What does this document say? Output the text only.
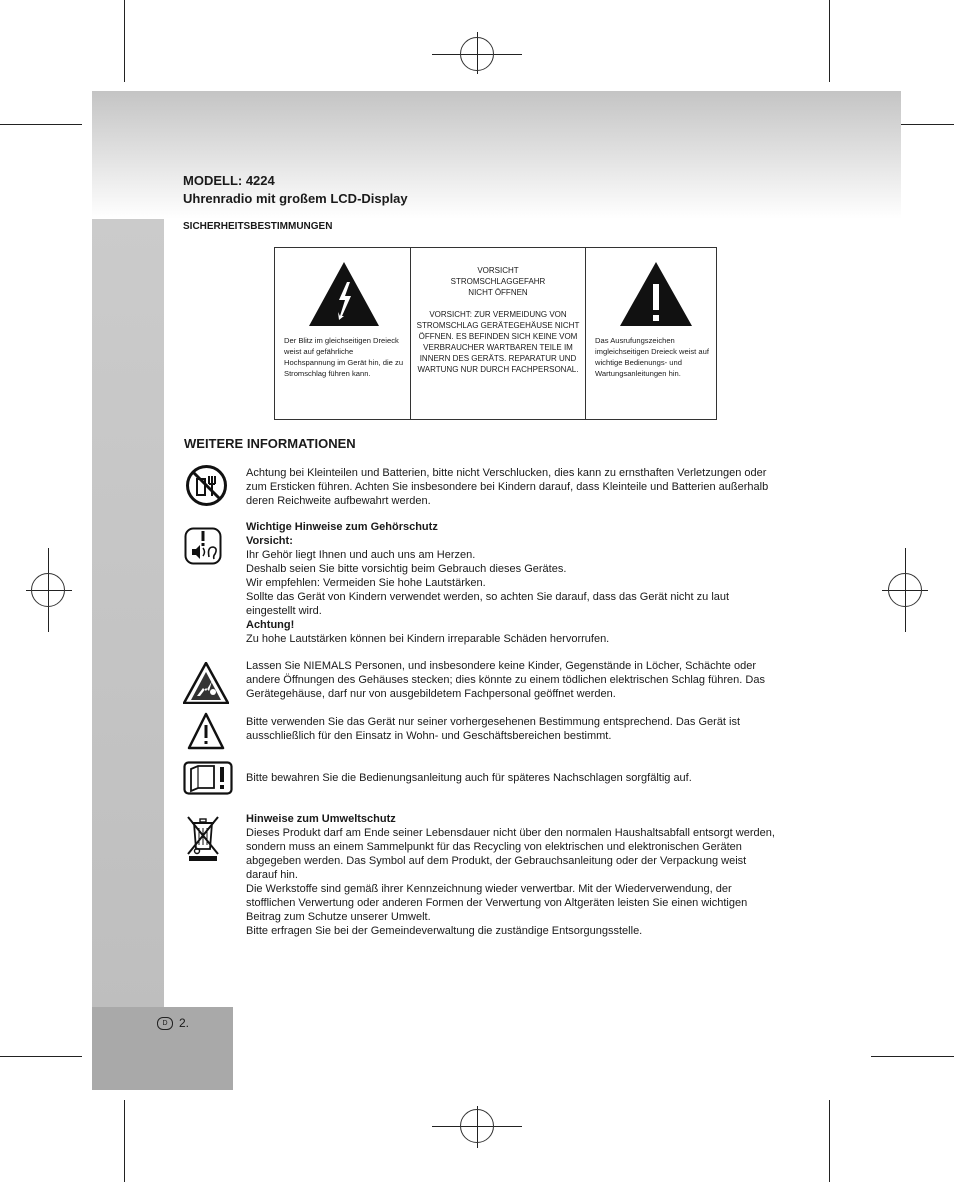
MODELL: 4224
Uhrenradio mit großem LCD-Display
SICHERHEITSBESTIMMUNGEN
Der Blitz im gleichseitigen Dreieck weist auf gefährliche Hochspannung im Gerät hin, die zu Stromschlag führen kann.
VORSICHT
STROMSCHLAGGEFAHR
NICHT ÖFFNEN
VORSICHT: ZUR VERMEIDUNG VON STROMSCHLAG GERÄTEGEHÄUSE NICHT ÖFFNEN. ES BEFINDEN SICH KEINE VOM VERBRAUCHER WARTBAREN TEILE IM INNERN DES GERÄTS. REPARATUR UND WARTUNG NUR DURCH FACHPERSONAL.
Das Ausrufungszeichen imgleichseitigen Dreieck weist auf wichtige Bedienungs- und Wartungsanleitungen hin.
WEITERE INFORMATIONEN
Achtung bei Kleinteilen und Batterien, bitte nicht Verschlucken, dies kann zu ernsthaften Verletzungen oder zum Ersticken führen. Achten Sie insbesondere bei Kindern darauf, dass Kleinteile und Batterien außerhalb deren Reichweite aufbewahrt werden.

Wichtige Hinweise zum Gehörschutz

Vorsicht:

Ihr Gehör liegt Ihnen und auch uns am Herzen.

Deshalb seien Sie bitte vorsichtig beim Gebrauch dieses Gerätes.

Wir empfehlen: Vermeiden Sie hohe Lautstärken.

Sollte das Gerät von Kindern verwendet werden, so achten Sie darauf, dass das Gerät nicht zu laut eingestellt wird.

Achtung!

Zu hohe Lautstärken können bei Kindern irreparable Schäden hervorrufen.

Lassen Sie NIEMALS Personen, und insbesondere keine Kinder, Gegenstände in Löcher, Schächte oder andere Öffnungen des Gehäuses stecken; dies könnte zu einem tödlichen elektrischen Schlag führen. Das Gerätegehäuse, darf nur von ausgebildetem Fachpersonal geöffnet werden.
Bitte verwenden Sie das Gerät nur seiner vorhergesehenen Bestimmung entsprechend. Das Gerät ist ausschließlich für den Einsatz in Wohn- und Geschäftsbereichen bestimmt.
Bitte bewahren Sie die Bedienungsanleitung auch für späteres Nachschlagen sorgfältig auf.

Hinweise zum Umweltschutz

Dieses Produkt darf am Ende seiner Lebensdauer nicht über den normalen Haushaltsabfall entsorgt werden, sondern muss an einem Sammelpunkt für das Recycling von elektrischen und elektronischen Geräten abgegeben werden. Das Symbol auf dem Produkt, der Gebrauchsanleitung oder der Verpackung weist darauf hin.

Die Werkstoffe sind gemäß ihrer Kennzeichnung wieder verwertbar. Mit der Wiederverwendung, der stofflichen Verwertung oder anderen Formen der Verwertung von Altgeräten leisten Sie einen wichtigen Beitrag zum Schutze unserer Umwelt.

Bitte erfragen Sie bei der Gemeindeverwaltung die zuständige Entsorgungsstelle.

D 2.
